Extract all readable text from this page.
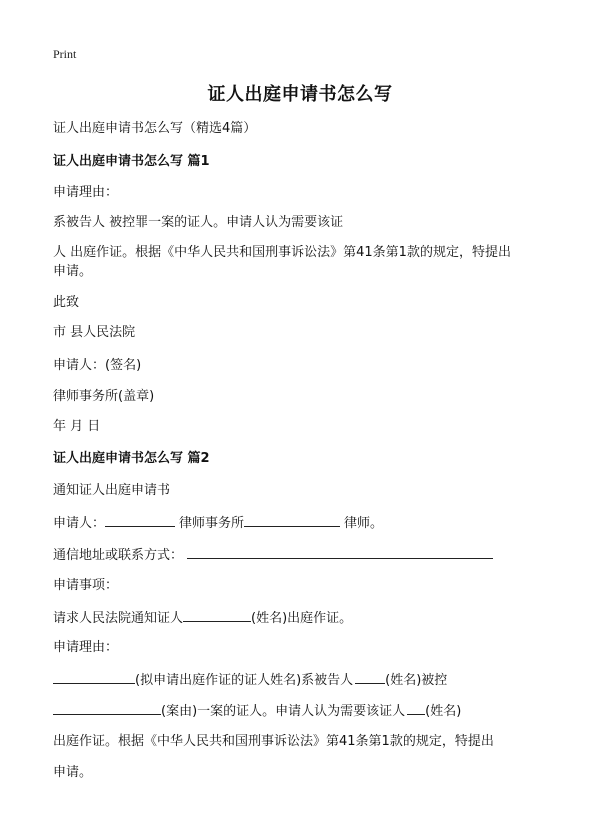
Print
证人出庭申请书怎么写
证人出庭申请书怎么写（精选4篇）
证人出庭申请书怎么写 篇1
申请理由：
系被告人 被控罪一案的证人。申请人认为需要该证
人 出庭作证。根据《中华人民共和国刑事诉讼法》第41条第1款的规定，特提出
申请。
此致
市 县人民法院
申请人：(签名)
律师事务所(盖章)
年 月 日
证人出庭申请书怎么写 篇2
通知证人出庭申请书
申请人：	律师事务所	律师。
通信地址或联系方式：
申请事项：
请求人民法院通知证人	(姓名)出庭作证。
申请理由：
(拟申请出庭作证的证人姓名)系被告人 (姓名)被控
(案由)一案的证人。申请人认为需要该证人 (姓名)
出庭作证。根据《中华人民共和国刑事诉讼法》第41条第1款的规定，特提出
申请。
